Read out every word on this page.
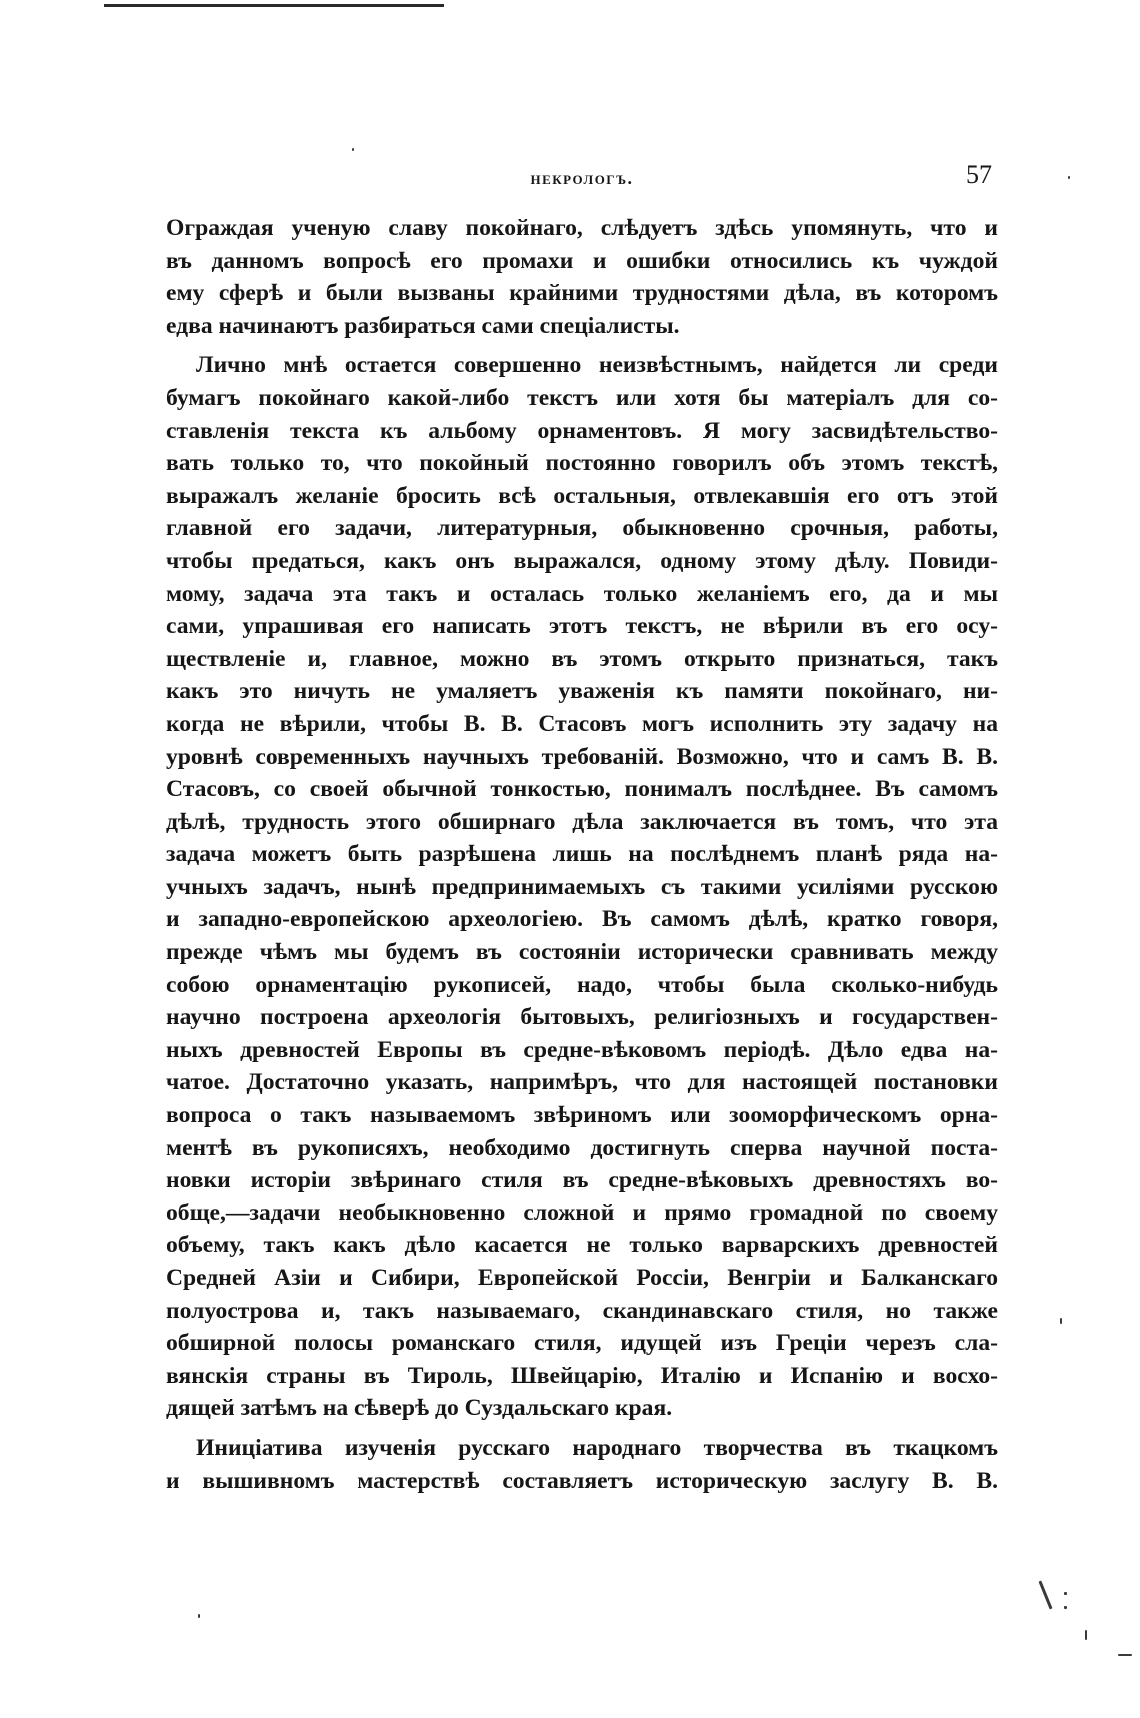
некрологъ.	57

Ограждая ученую славу покойнаго, слѣдуетъ здѣсь упомянуть, что и
въ данномъ вопросѣ его промахи и ошибки относились къ чуждой
ему сферѣ и были вызваны крайними трудностями дѣла, въ которомъ
едва начинаютъ разбираться сами спеціалисты.

Лично мнѣ остается совершенно неизвѣстнымъ, найдется ли среди
бумагъ покойнаго какой-либо текстъ или хотя бы матеріалъ для со-
ставленія текста къ альбому орнаментовъ. Я могу засвидѣтельство-
вать только то, что покойный постоянно говорилъ объ этомъ текстѣ,
выражалъ желаніе бросить всѣ остальныя, отвлекавшія его отъ этой
главной его задачи, литературныя, обыкновенно срочныя, работы,
чтобы предаться, какъ онъ выражался, одному этому дѣлу. Повиди-
мому, задача эта такъ и осталась только желаніемъ его, да и мы
сами, упрашивая его написать этотъ текстъ, не вѣрили въ его осу-
ществленіе и, главное, можно въ этомъ открыто признаться, такъ
какъ это ничуть не умаляетъ уваженія къ памяти покойнаго, ни-
когда не вѣрили, чтобы В. В. Стасовъ могъ исполнить эту задачу на
уровнѣ современныхъ научныхъ требованій. Возможно, что и самъ В. В.
Стасовъ, со своей обычной тонкостью, понималъ послѣднее. Въ самомъ
дѣлѣ, трудность этого обширнаго дѣла заключается въ томъ, что эта
задача можетъ быть разрѣшена лишь на послѣднемъ планѣ ряда на-
учныхъ задачъ, нынѣ предпринимаемыхъ съ такими усиліями русскою
и западно-европейскою археологіею. Въ самомъ дѣлѣ, кратко говоря,
прежде чѣмъ мы будемъ въ состояніи исторически сравнивать между
собою орнаментацію рукописей, надо, чтобы была сколько-нибудь
научно построена археологія бытовыхъ, религіозныхъ и государствен-
ныхъ древностей Европы въ средне-вѣковомъ періодѣ. Дѣло едва на-
чатое. Достаточно указать, напримѣръ, что для настоящей постановки
вопроса о такъ называемомъ звѣриномъ или зооморфическомъ орна-
ментѣ въ рукописяхъ, необходимо достигнуть сперва научной поста-
новки исторіи звѣринаго стиля въ средне-вѣковыхъ древностяхъ во-
обще,—задачи необыкновенно сложной и прямо громадной по своему
объему, такъ какъ дѣло касается не только варварскихъ древностей
Средней Азіи и Сибири, Европейской Россіи, Венгріи и Балканскаго
полуострова и, такъ называемаго, скандинавскаго стиля, но также
обширной полосы романскаго стиля, идущей изъ Греціи черезъ сла-
вянскія страны въ Тироль, Швейцарію, Италію и Испанію и восхо-
дящей затѣмъ на сѣверѣ до Суздальскаго края.

Иниціатива изученія русскаго народнаго творчества въ ткацкомъ
и вышивномъ мастерствѣ составляетъ историческую заслугу В. В.
